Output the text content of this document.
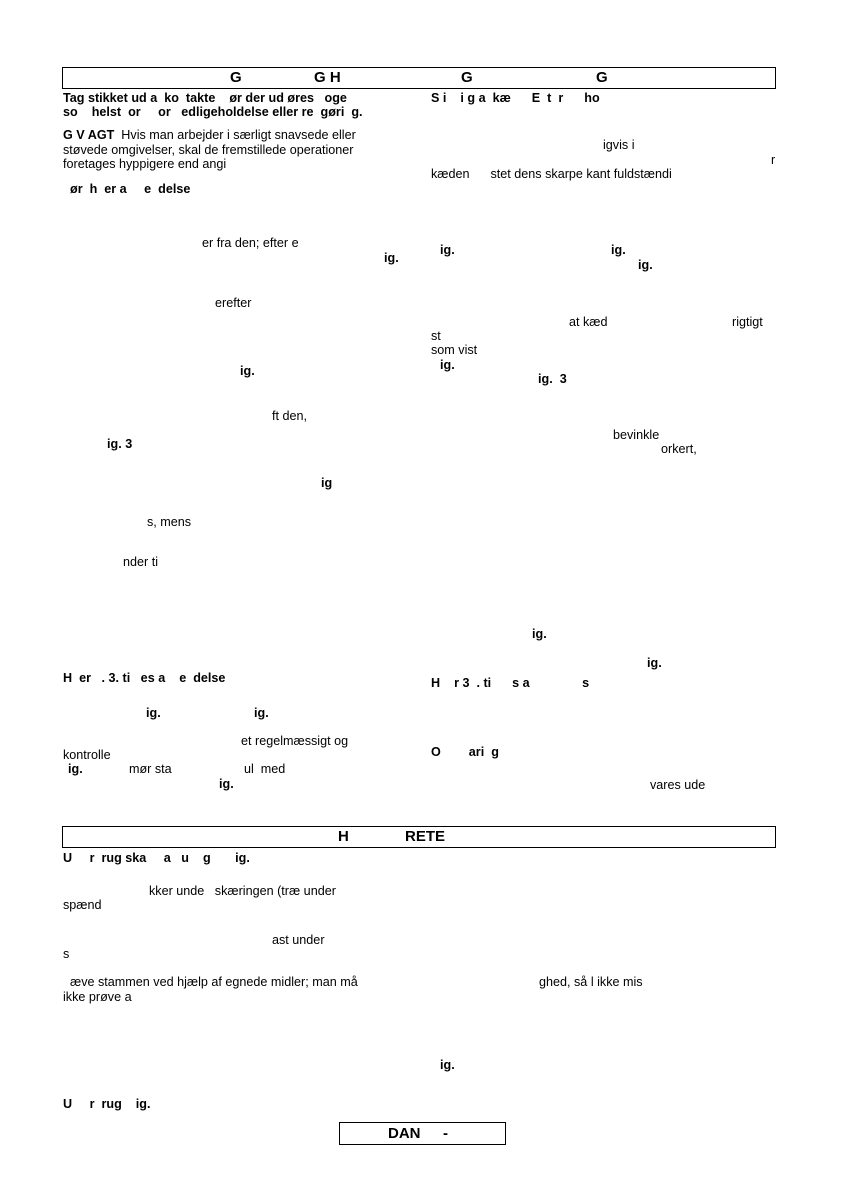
G	G H	G	G
Tag stikket ud a  ko  takte    ør der ud øres   oge
so    helst  or     or   edligeholdelse eller re  gøri  g.
G V AGT  Hvis man arbejder i særligt snavsede eller
støvede omgivelser, skal de fremstillede operationer
foretages hyppigere end angi
ør  h  er a     e  delse
er fra den; efter e
ig.
erefter
ig.
ft den,
ig. 3
ig
s, mens
nder ti
H  er   . 3. ti   es a    e  delse
ig.	ig.
et regelmæssigt og
kontrolle
ig.	mør sta	ul  med
ig.
S i    i g a  kæ      E  t  r      ho
igvis i
r
kæden      stet dens skarpe kant fuldstændi
ig.	ig.
ig.
at kæd	rigtigt
st
som vist
ig.
ig.  3
bevinkle
orkert,
ig.
ig.
H    r 3  . ti      s a               s
O        ari  g
vares ude
H	RETE
U     r  rug ska     a   u    g       ig.
kker unde   skæringen (træ under
spænd
ast under
s
æve stammen ved hjælp af egnede midler; man må
ikke prøve a
U     r  rug    ig.
ghed, så l ikke mis
ig.
DAN -
